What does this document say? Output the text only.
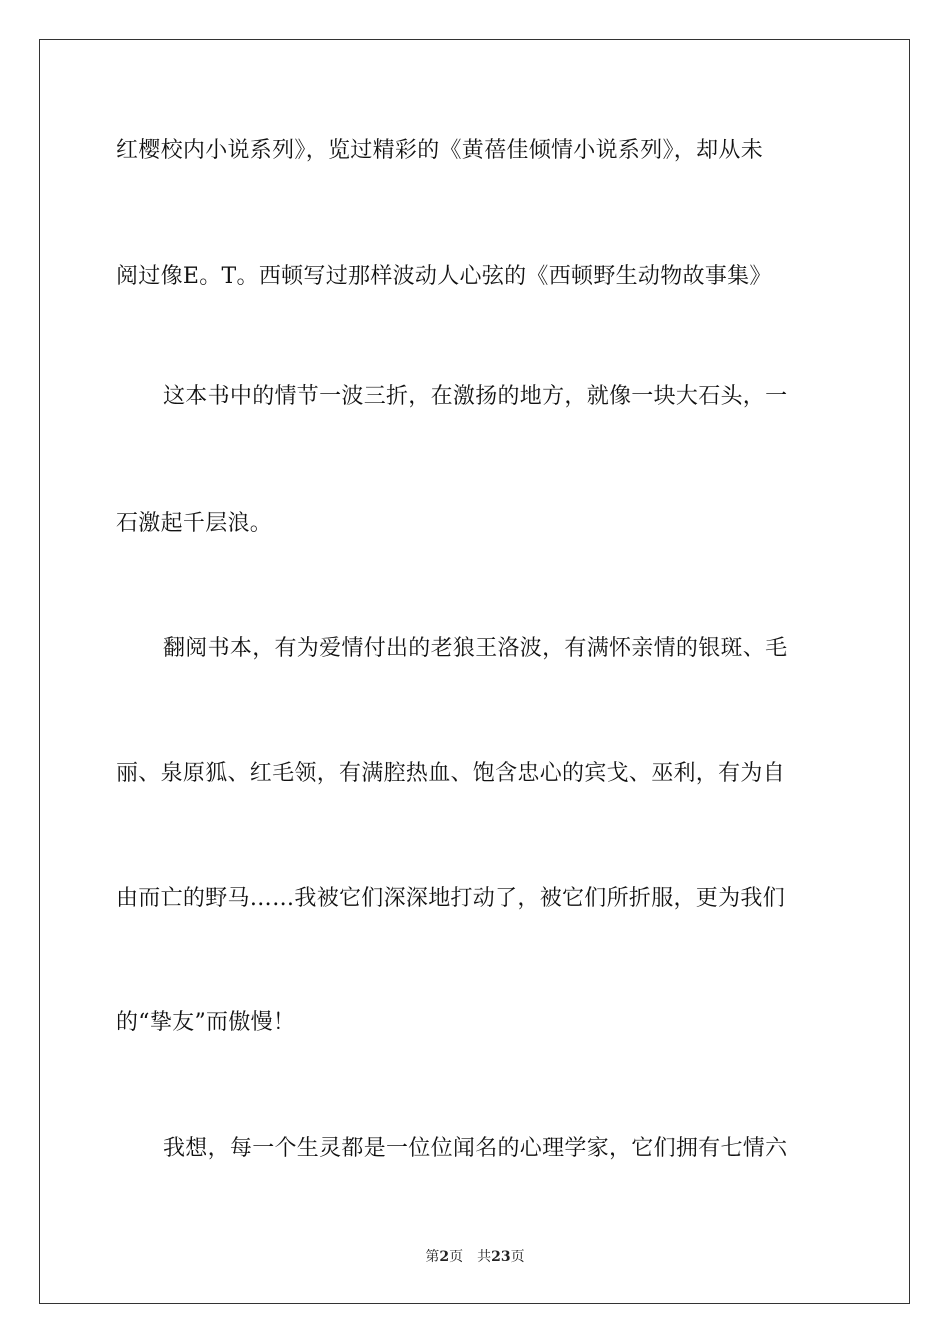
红樱校内小说系列》，览过精彩的《黄蓓佳倾情小说系列》，却从未
阅过像E。T。西顿写过那样波动人心弦的《西顿野生动物故事集》
这本书中的情节一波三折，在激扬的地方，就像一块大石头，一
石激起千层浪。
翻阅书本，有为爱情付出的老狼王洛波，有满怀亲情的银斑、毛
丽、泉原狐、红毛领，有满腔热血、饱含忠心的宾戈、巫利，有为自
由而亡的野马……我被它们深深地打动了，被它们所折服，更为我们
的“挚友”而傲慢！
我想，每一个生灵都是一位位闻名的心理学家，它们拥有七情六
第2页 共23页
